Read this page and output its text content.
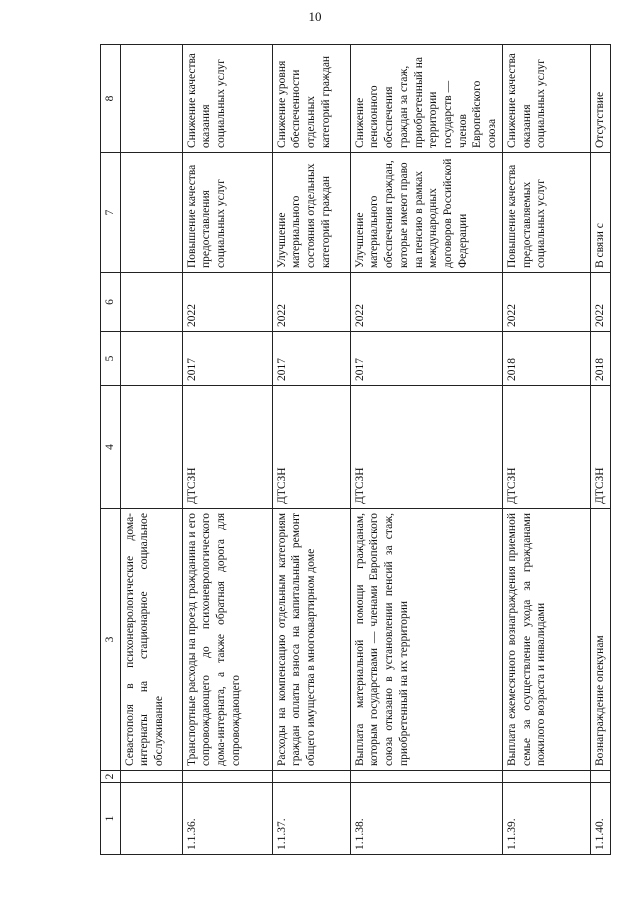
10
1	2	3	4	5	6	7	8
		Севастополя в психоневрологические дома-интернаты на стационарное социальное обслуживание					
1.1.36.		Транспортные расходы на проезд гражданина и его сопровождающего до психоневрологического дома-интерната, а также обратная дорога для сопровождающего	ДТСЗН	2017	2022	Повышение качества предоставления социальных услуг	Снижение качества оказания социальных услуг
1.1.37.		Расходы на компенсацию отдельным категориям граждан оплаты взноса на капитальный ремонт общего имущества в многоквартирном доме	ДТСЗН	2017	2022	Улучшение материального состояния отдельных категорий граждан	Снижение уровня обеспеченности отдельных категорий граждан
1.1.38.		Выплата материальной помощи гражданам, которым государствами — членами Европейского союза отказано в установлении пенсий за стаж, приобретенный на их территории	ДТСЗН	2017	2022	Улучшение материального обеспечения граждан, которые имеют право на пенсию в рамках международных договоров Российской Федерации	Снижение пенсионного обеспечения граждан за стаж, приобретенный на территории государств — членов Европейского союза
1.1.39.		Выплата ежемесячного вознаграждения приемной семье за осуществление ухода за гражданами пожилого возраста и инвалидами	ДТСЗН	2018	2022	Повышение качества предоставляемых социальных услуг	Снижение качества оказания социальных услуг
1.1.40.		Вознаграждение опекунам	ДТСЗН	2018	2022	В связи с	Отсутствие
